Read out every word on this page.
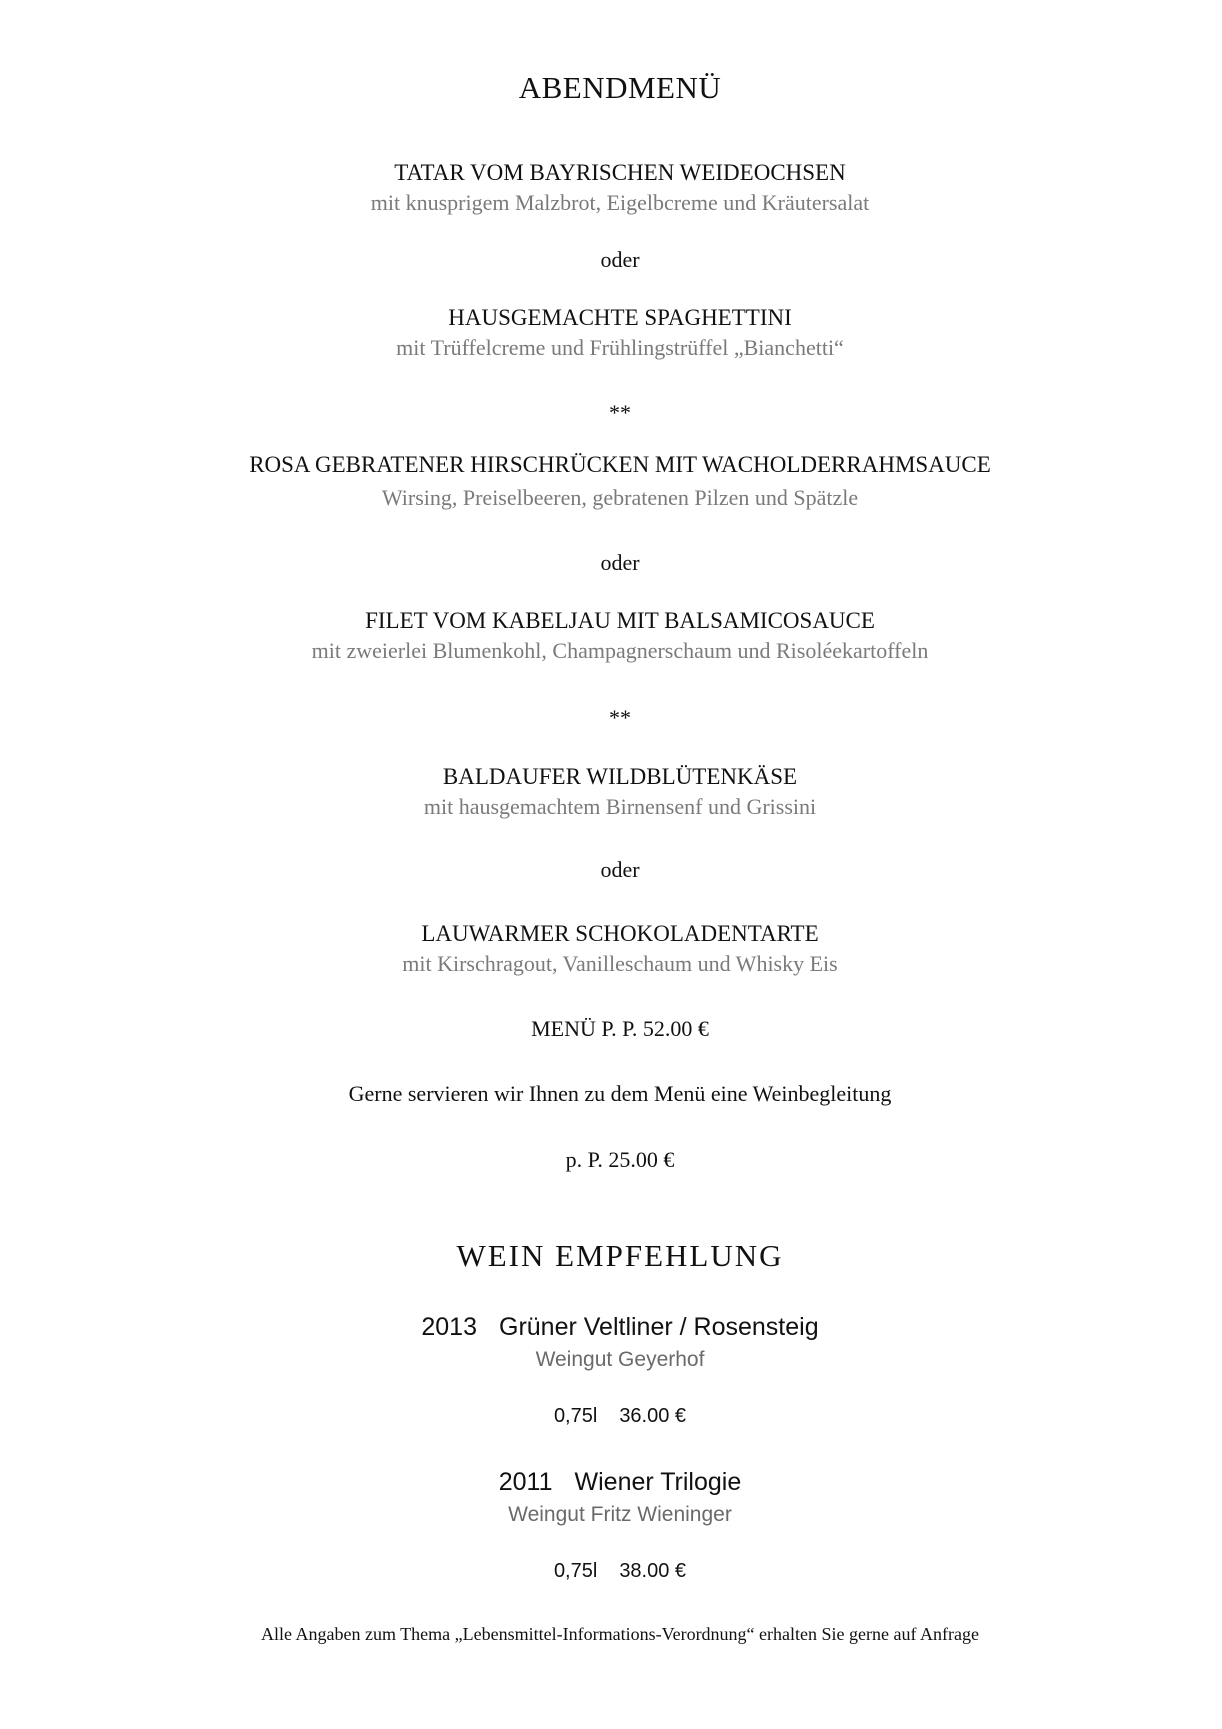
ABENDMENÜ
TATAR VOM BAYRISCHEN WEIDEOCHSEN
mit knusprigem Malzbrot, Eigelbcreme und Kräutersalat
oder
HAUSGEMACHTE SPAGHETTINI
mit Trüffelcreme und Frühlingstrüffel „Bianchetti“
**
ROSA GEBRATENER HIRSCHRÜCKEN MIT WACHOLDERRAHMSAUCE
Wirsing, Preiselbeeren, gebratenen Pilzen und Spätzle
oder
FILET VOM KABELJAU MIT BALSAMICOSAUCE
mit zweierlei Blumenkohl, Champagnerschaum und Risoléekartoffeln
**
BALDAUFER WILDBLÜTENKÄSE
mit hausgemachtem Birnensenf und Grissini
oder
LAUWARMER SCHOKOLADENTARTE
mit Kirschragout, Vanilleschaum und Whisky Eis
MENÜ P. P. 52.00 €
Gerne servieren wir Ihnen zu dem Menü eine Weinbegleitung
p. P. 25.00 €
WEIN EMPFEHLUNG
2013 Grüner Veltliner / Rosensteig
Weingut Geyerhof
0,75l 36.00 €
2011 Wiener Trilogie
Weingut Fritz Wieninger
0,75l 38.00 €
Alle Angaben zum Thema „Lebensmittel-Informations-Verordnung“ erhalten Sie gerne auf Anfrage
